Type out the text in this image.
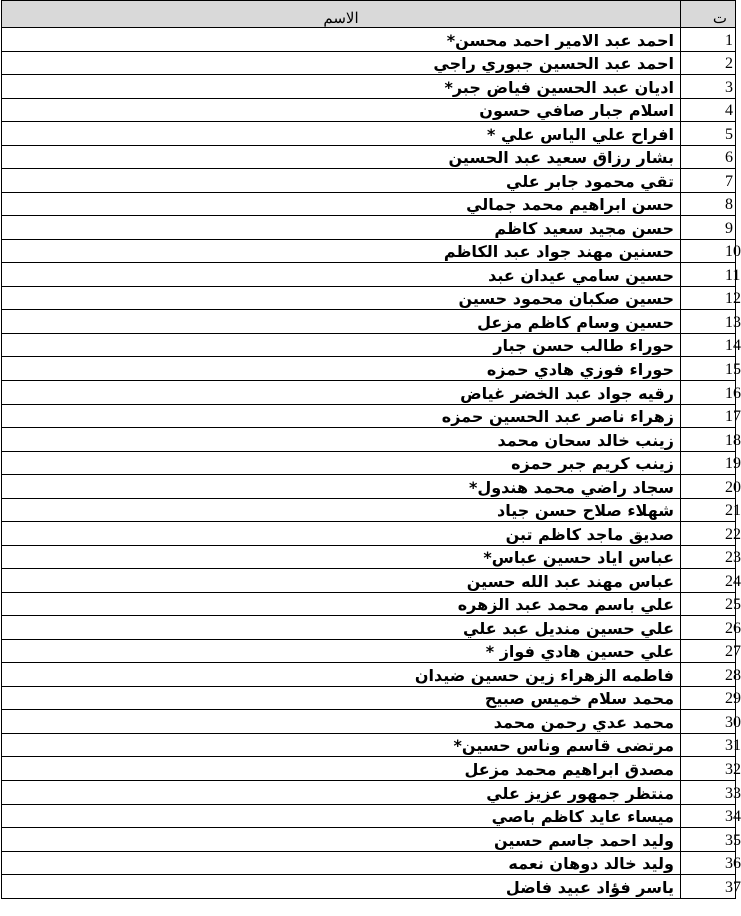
الاسم	ت
احمد عبد الامير احمد محسن*	1
احمد عبد الحسين جبوري راجي	2
اديان عبد الحسين فياض جبر*	3
اسلام جبار صافي حسون	4
افراح علي الياس علي *	5
بشار رزاق سعيد عبد الحسين	6
تقي محمود جابر علي	7
حسن ابراهيم محمد جمالي	8
حسن مجيد سعيد كاظم	9
حسنين مهند جواد عبد الكاظم	10
حسين سامي عيدان عبد	11
حسين صكبان محمود حسين	12
حسين وسام كاظم مزعل	13
حوراء طالب حسن جبار	14
حوراء فوزي هادي حمزه	15
رقيه جواد عبد الخضر غياض	16
زهراء ناصر عبد الحسين حمزه	17
زينب خالد سحان محمد	18
زينب كريم جبر حمزه	19
سجاد راضي محمد هندول*	20
شهلاء صلاح حسن جياد	21
صديق ماجد كاظم تبن	22
عباس اياد حسين عباس*	23
عباس مهند عبد الله حسين	24
علي باسم محمد عبد الزهره	25
علي حسين منديل عبد علي	26
علي حسين هادي فواز *	27
فاطمه الزهراء زين حسين ضيدان	28
محمد سلام خميس صبيح	29
محمد عدي رحمن محمد	30
مرتضى قاسم وناس حسين*	31
مصدق ابراهيم محمد مزعل	32
منتظر جمهور عزيز علي	33
ميساء عايد كاظم باصي	34
وليد احمد جاسم حسين	35
وليد خالد دوهان نعمه	36
ياسر فؤاد عبيد فاضل	37
